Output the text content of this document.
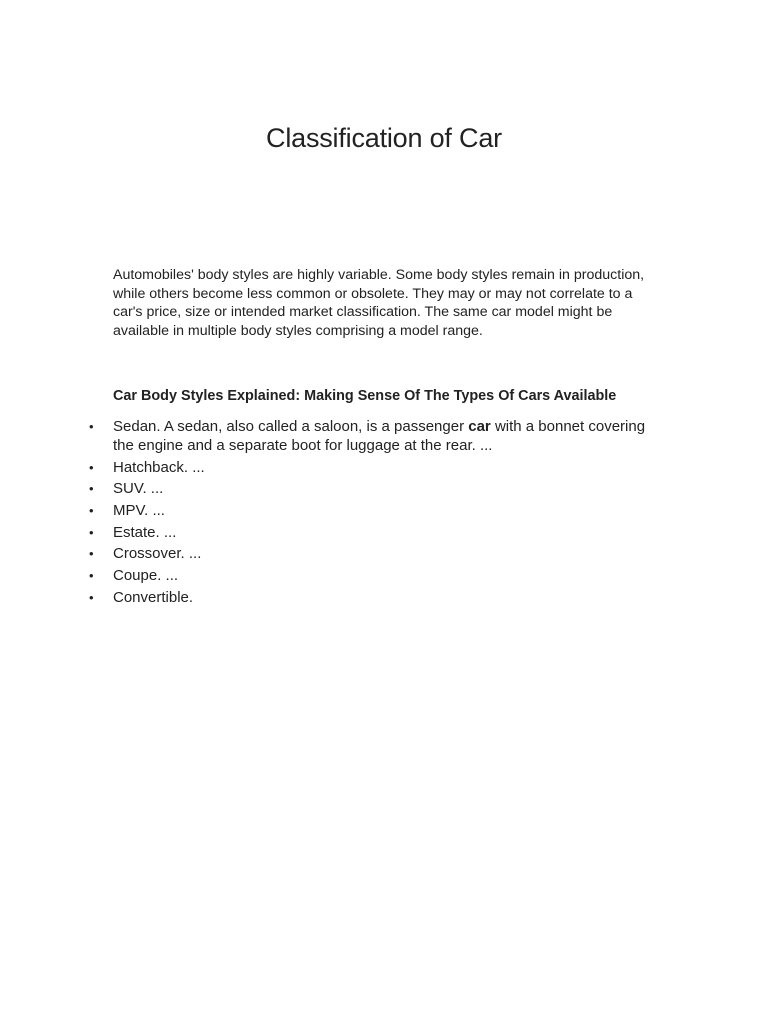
Classification of Car

Automobiles' body styles are highly variable. Some body styles remain in production, while others become less common or obsolete. They may or may not correlate to a car's price, size or intended market classification. The same car model might be available in multiple body styles comprising a model range.

Car Body Styles Explained: Making Sense Of The Types Of Cars Available
•	Sedan. A sedan, also called a saloon, is a passenger car with a bonnet covering the engine and a separate boot for luggage at the rear. ...
•	Hatchback. ...
•	SUV. ...
•	MPV. ...
•	Estate. ...
•	Crossover. ...
•	Coupe. ...
•	Convertible.
